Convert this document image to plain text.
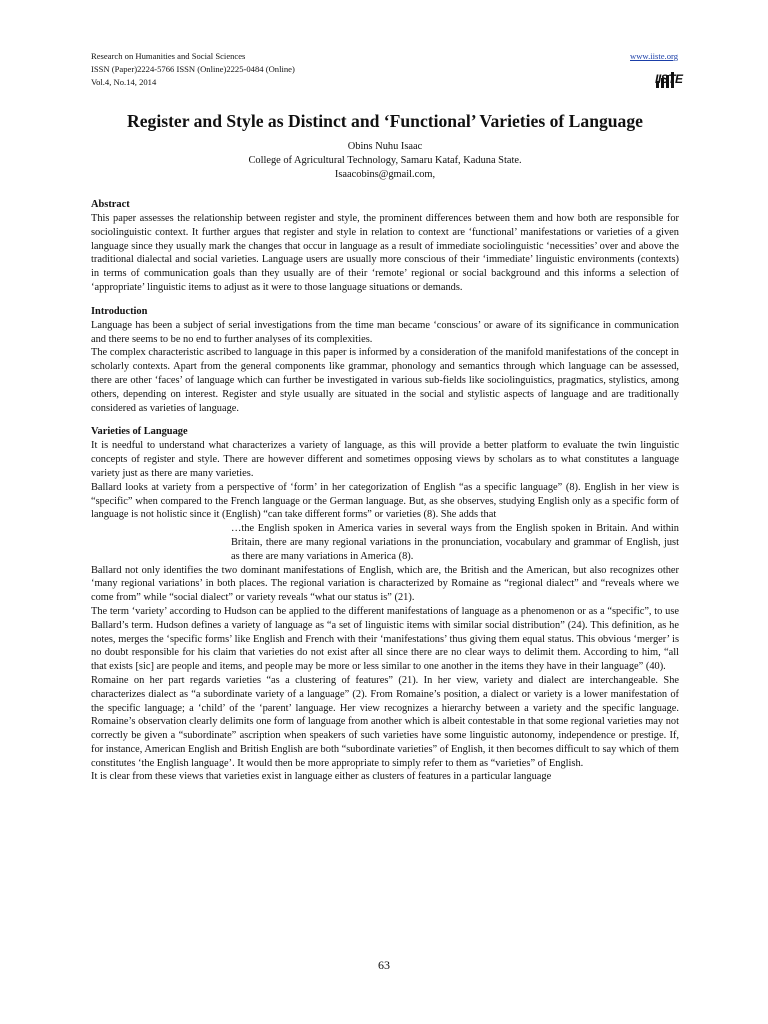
Research on Humanities and Social Sciences
ISSN (Paper)2224-5766 ISSN (Online)2225-0484 (Online)
Vol.4, No.14, 2014
www.iiste.org
IISTE
Register and Style as Distinct and ‘Functional’ Varieties of Language
Obins Nuhu Isaac
College of Agricultural Technology, Samaru Kataf, Kaduna State.
Isaacobins@gmail.com,
Abstract

This paper assesses the relationship between register and style, the prominent differences between them and how both are responsible for sociolinguistic context. It further argues that register and style in relation to context are ‘functional’ manifestations or varieties of a given language since they usually mark the changes that occur in language as a result of immediate sociolinguistic ‘necessities’ over and above the traditional dialectal and social varieties. Language users are usually more conscious of their ‘immediate’ linguistic environments (contexts) in terms of communication goals than they usually are of their ‘remote’ regional or social background and this informs a selection of ‘appropriate’ linguistic items to adjust as it were to those language situations or demands.

Introduction

Language has been a subject of serial investigations from the time man became ‘conscious’ or aware of its significance in communication and there seems to be no end to further analyses of its complexities.

The complex characteristic ascribed to language in this paper is informed by a consideration of the manifold manifestations of the concept in scholarly contexts. Apart from the general components like grammar, phonology and semantics through which language can be assessed, there are other ‘faces’ of language which can further be investigated in various sub-fields like sociolinguistics, pragmatics, stylistics, among others, depending on interest. Register and style usually are situated in the social and stylistic aspects of language and are traditionally considered as varieties of language.

Varieties of Language

It is needful to understand what characterizes a variety of language, as this will provide a better platform to evaluate the twin linguistic concepts of register and style. There are however different and sometimes opposing views by scholars as to what constitutes a language variety just as there are many varieties.

Ballard looks at variety from a perspective of ‘form’ in her categorization of English “as a specific language” (8). English in her view is “specific” when compared to the French language or the German language. But, as she observes, studying English only as a specific form of language is not holistic since it (English) “can take different forms” or varieties (8). She adds that

…the English spoken in America varies in several ways from the English spoken in Britain. And within Britain, there are many regional variations in the pronunciation, vocabulary and grammar of English, just as there are many variations in America (8).

Ballard not only identifies the two dominant manifestations of English, which are, the British and the American, but also recognizes other ‘many regional variations’ in both places. The regional variation is characterized by Romaine as “regional dialect” and “reveals where we come from” while “social dialect” or variety reveals “what our status is” (21).

The term ‘variety’ according to Hudson can be applied to the different manifestations of language as a phenomenon or as a “specific”, to use Ballard’s term. Hudson defines a variety of language as “a set of linguistic items with similar social distribution” (24). This definition, as he notes, merges the ‘specific forms’ like English and French with their ‘manifestations’ thus giving them equal status. This obvious ‘merger’ is no doubt responsible for his claim that varieties do not exist after all since there are no clear ways to delimit them. According to him, “all that exists [sic] are people and items, and people may be more or less similar to one another in the items they have in their language” (40).

Romaine on her part regards varieties “as a clustering of features” (21). In her view, variety and dialect are interchangeable. She characterizes dialect as “a subordinate variety of a language” (2). From Romaine’s position, a dialect or variety is a lower manifestation of the specific language; a ‘child’ of the ‘parent’ language. Her view recognizes a hierarchy between a variety and the specific language. Romaine’s observation clearly delimits one form of language from another which is albeit contestable in that some regional varieties may not correctly be given a “subordinate” ascription when speakers of such varieties have some linguistic autonomy, independence or prestige. If, for instance, American English and British English are both “subordinate varieties” of English, it then becomes difficult to say which of them constitutes ‘the English language’. It would then be more appropriate to simply refer to them as “varieties” of English.

It is clear from these views that varieties exist in language either as clusters of features in a particular language

63
